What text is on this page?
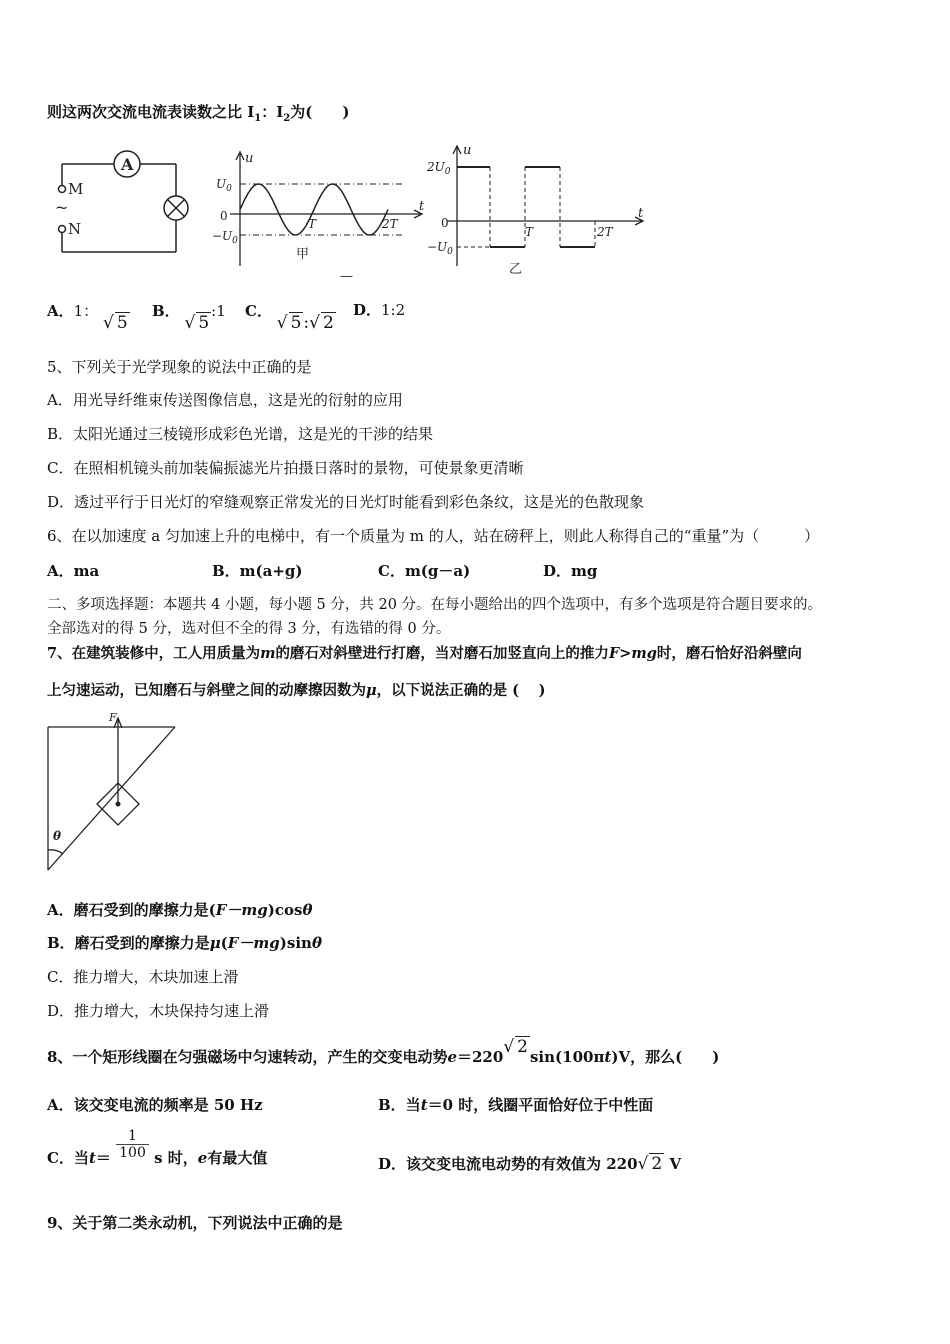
则这两次交流电流表读数之比 $I_1$：$I_2$为(　　)
A
M
~
N
u
t
$U_0$
0
$-U_0$
T	2T
甲
—
u
t
$2U_0$
0
$-U_0$
T	2T
乙
A．1： √ 5
B． √ 5:1 C． √ 5 :√ 2
D．1:2
5、下列关于光学现象的说法中正确的是
A．用光导纤维束传送图像信息，这是光的衍射的应用
B．太阳光通过三棱镜形成彩色光谱，这是光的干涉的结果
C．在照相机镜头前加装偏振滤光片拍摄日落时的景物，可使景象更清晰
D．透过平行于日光灯的窄缝观察正常发光的日光灯时能看到彩色条纹，这是光的色散现象
6、在以加速度 a 匀加速上升的电梯中，有一个质量为 m 的人，站在磅秤上，则此人称得自己的“重量”为（　　　）
A．ma	B．m(a+g)	C．m(g－a)	D．mg
二、多项选择题：本题共 4 小题，每小题 5 分，共 20 分。在每小题给出的四个选项中，有多个选项是符合题目要求的。
全部选对的得 5 分，选对但不全的得 3 分，有选错的得 0 分。
7、在建筑装修中，工人用质量为m的磨石对斜壁进行打磨，当对磨石加竖直向上的推力F>mg时，磨石恰好沿斜壁向
上匀速运动，已知磨石与斜壁之间的动摩擦因数为μ，以下说法正确的是 (　 )
F
θ
A．磨石受到的摩擦力是(F－mg)cosθ
B．磨石受到的摩擦力是μ(F－mg)sinθ
C．推力增大，木块加速上滑
D．推力增大，木块保持匀速上滑
8、一个矩形线圈在匀强磁场中匀速转动，产生的交变电动势e＝220√ 2 sin(100πt)V，那么(　　)
A．该交变电流的频率是 50 Hz	B．当t＝0 时，线圈平面恰好位于中性面
C．当$t= \frac{1}{100}$ s 时，e有最大值	D．该交变电流电动势的有效值为 220√ 2 V
9、关于第二类永动机，下列说法中正确的是
